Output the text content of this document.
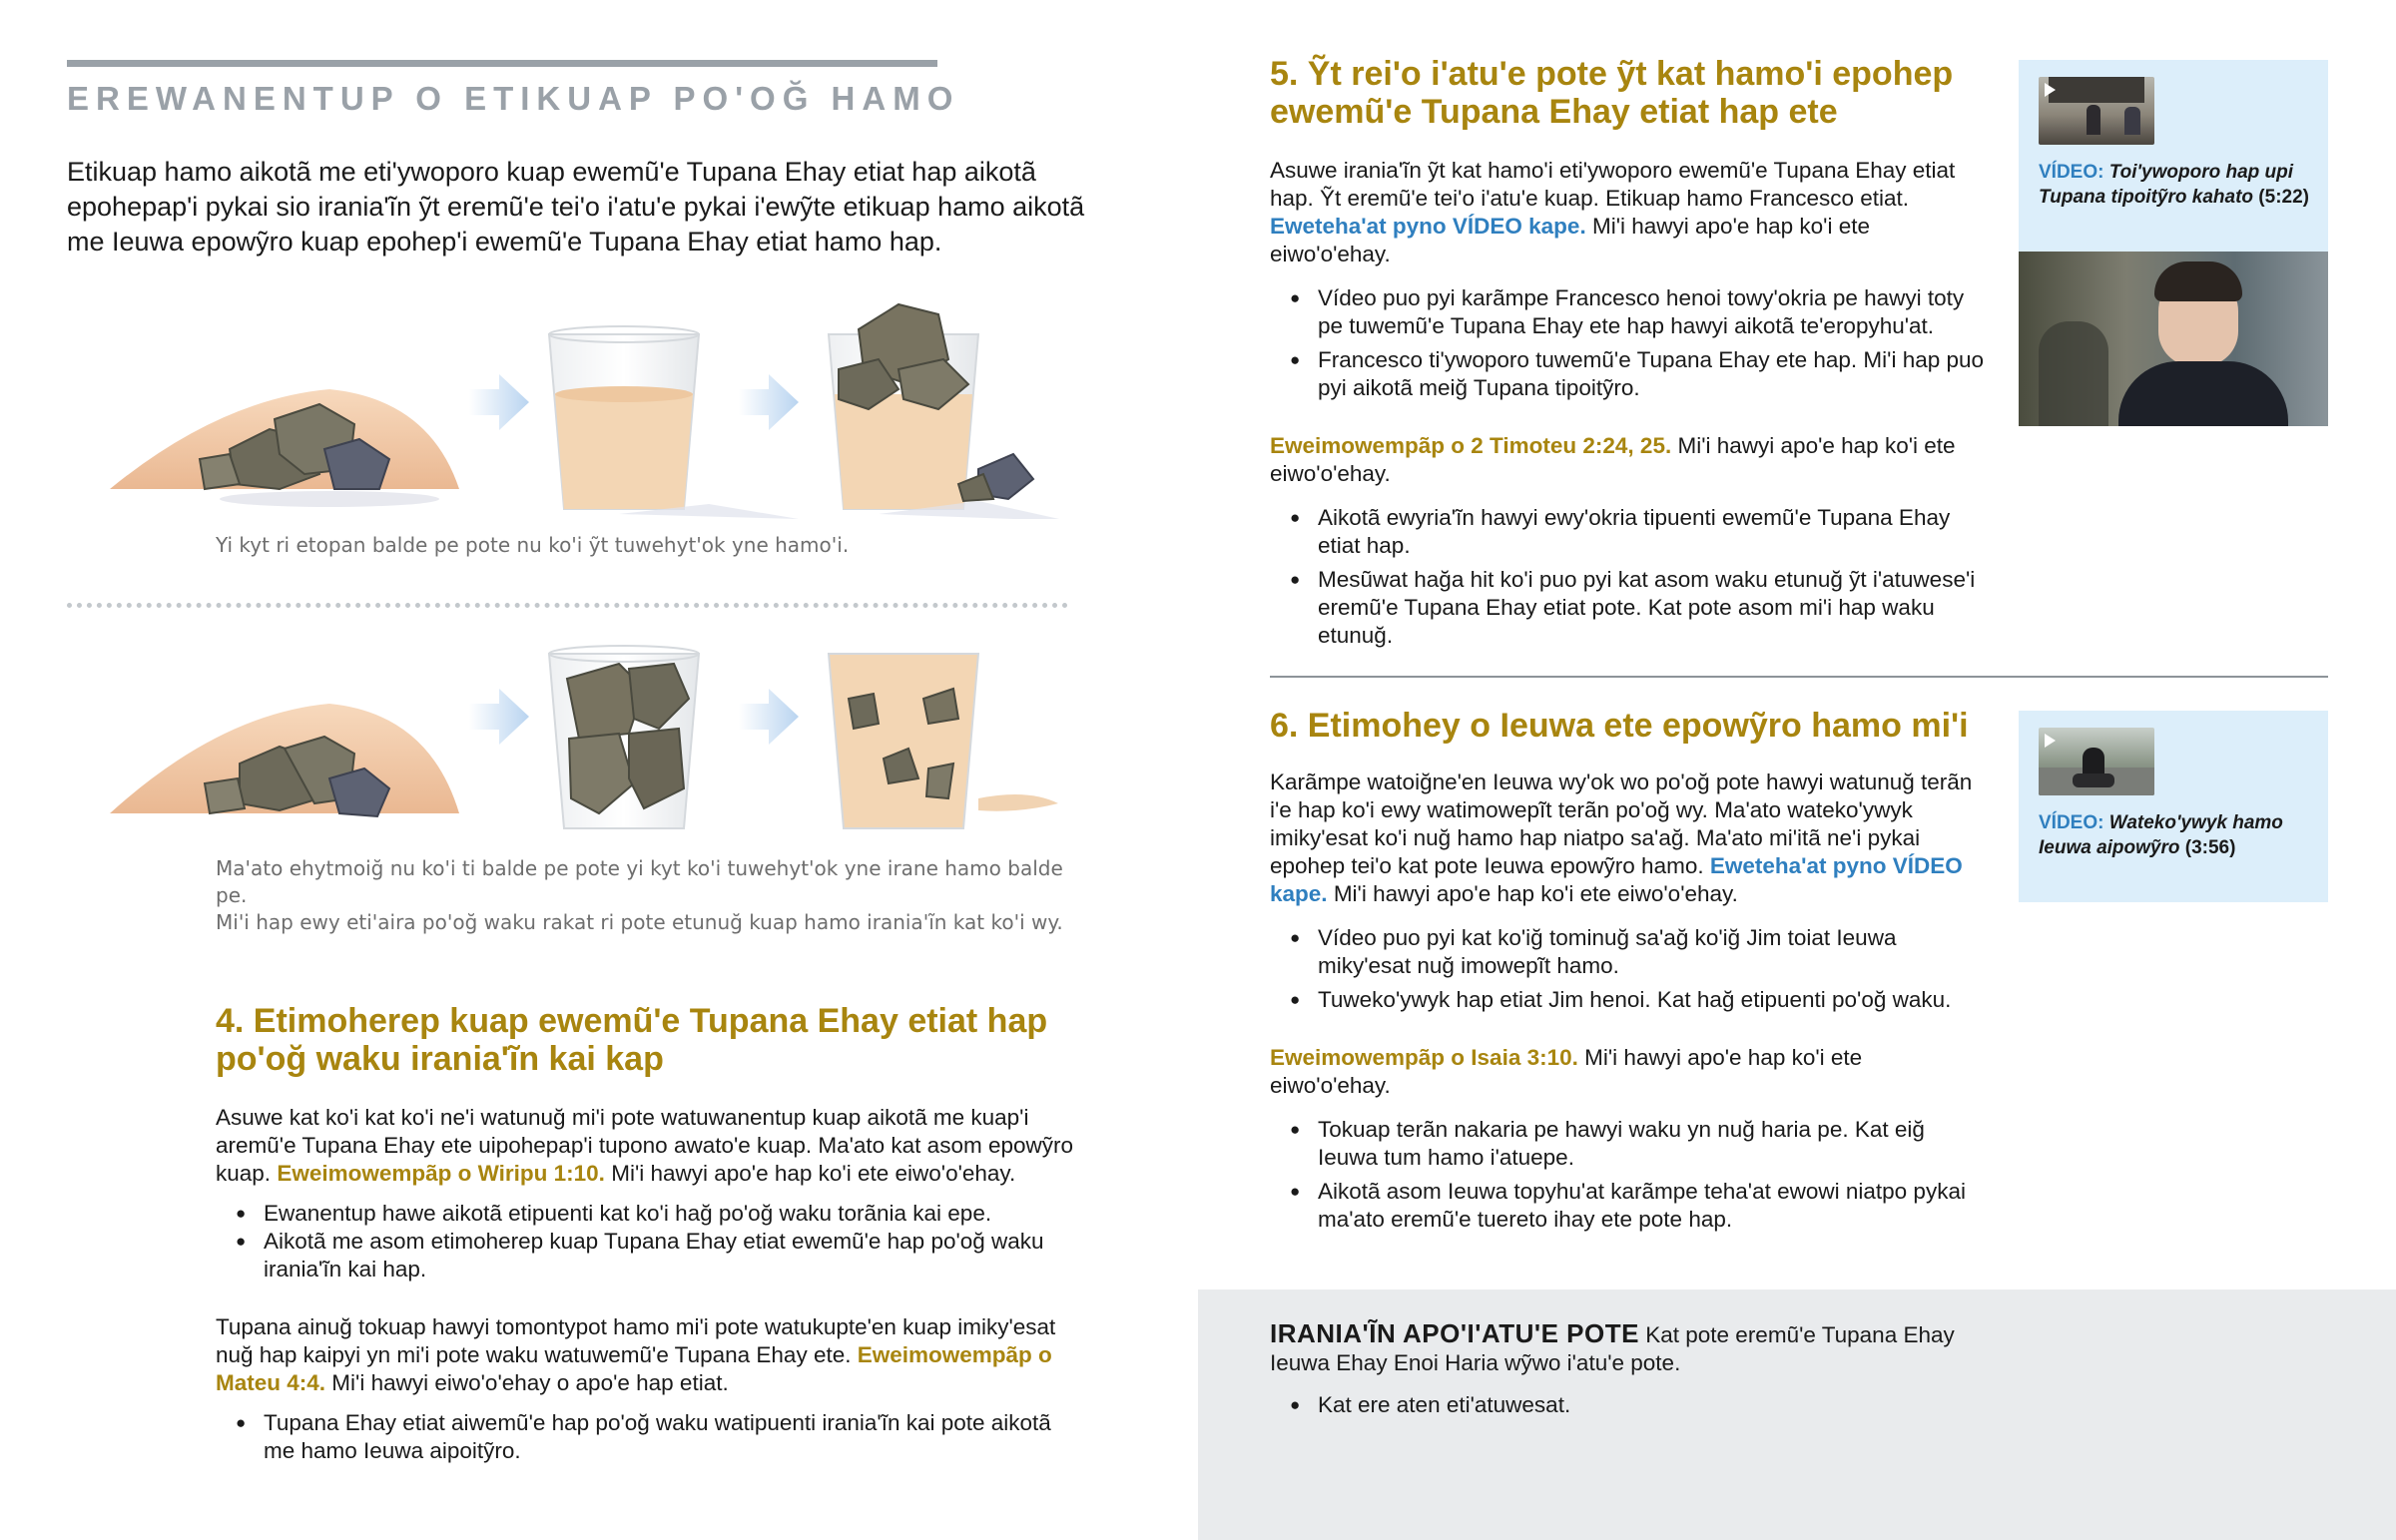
EREWANENTUP O ETIKUAP PO'OĞ HAMO

Etikuap hamo aikotã me eti'ywoporo kuap ewemũ'e Tupana Ehay etiat hap aikotã epohepap'i pykai sio irania'ĩn ỹt eremũ'e tei'o i'atu'e pykai i'ewỹte etikuap hamo aikotã me Ieuwa epowỹro kuap epohep'i ewemũ'e Tupana Ehay etiat hamo hap.

Yi kyt ri etopan balde pe pote nu ko'i ỹt tuwehyt'ok yne hamo'i.

Ma'ato ehytmoiğ nu ko'i ti balde pe pote yi kyt ko'i tuwehyt'ok yne irane hamo balde pe.
Mi'i hap ewy eti'aira po'oğ waku rakat ri pote etunuğ kuap hamo irania'ĩn kat ko'i wy.

4. Etimoherep kuap ewemũ'e Tupana Ehay etiat hap po'oğ waku irania'ĩn kai kap

Asuwe kat ko'i kat ko'i ne'i watunuğ mi'i pote watuwanentup kuap aikotã me kuap'i aremũ'e Tupana Ehay ete uipohepap'i tupono awato'e kuap. Ma'ato kat asom epowỹro kuap. Eweimowempãp o Wiripu 1:10. Mi'i hawyi apo'e hap ko'i ete eiwo'o'ehay.

● Ewanentup hawe aikotã etipuenti kat ko'i hağ po'oğ waku torãnia kai epe.
● Aikotã me asom etimoherep kuap Tupana Ehay etiat ewemũ'e hap po'oğ waku irania'ĩn kai hap.

Tupana ainuğ tokuap hawyi tomontypot hamo mi'i pote watukupte'en kuap imiky'esat nuğ hap kaipyi yn mi'i pote waku watuwemũ'e Tupana Ehay ete. Eweimowempãp o Mateu 4:4. Mi'i hawyi eiwo'o'ehay o apo'e hap etiat.

● Tupana Ehay etiat aiwemũ'e hap po'oğ waku watipuenti irania'ĩn kai pote aikotã me hamo Ieuwa aipoitỹro.
5. Ỹt rei'o i'atu'e pote ỹt kat hamo'i epohep ewemũ'e Tupana Ehay etiat hap ete

Asuwe irania'ĩn ỹt kat hamo'i eti'ywoporo ewemũ'e Tupana Ehay etiat hap. Ỹt eremũ'e tei'o i'atu'e kuap. Etikuap hamo Francesco etiat. Eweteha'at pyno VÍDEO kape. Mi'i hawyi apo'e hap ko'i ete eiwo'o'ehay.

● Vídeo puo pyi karãmpe Francesco henoi towy'okria pe hawyi toty pe tuwemũ'e Tupana Ehay ete hap hawyi aikotã te'eropyhu'at.
● Francesco ti'ywoporo tuwemũ'e Tupana Ehay ete hap. Mi'i hap puo pyi aikotã meiğ Tupana tipoitỹro.

Eweimowempãp o 2 Timoteu 2:24, 25. Mi'i hawyi apo'e hap ko'i ete eiwo'o'ehay.

● Aikotã ewyria'ĩn hawyi ewy'okria tipuenti ewemũ'e Tupana Ehay etiat hap.
● Mesũwat hağa hit ko'i puo pyi kat asom waku etunuğ ỹt i'atuwese'i eremũ'e Tupana Ehay etiat pote. Kat pote asom mi'i hap waku etunuğ.
VÍDEO: Toi'ywoporo hap upi Tupana tipoitỹro kahato (5:22)
6. Etimohey o Ieuwa ete epowỹro hamo mi'i

Karãmpe watoiğne'en Ieuwa wy'ok wo po'oğ pote hawyi watunuğ terãn i'e hap ko'i ewy watimowepĩt terãn po'oğ wy. Ma'ato wateko'ywyk imiky'esat ko'i nuğ hamo hap niatpo sa'ağ. Ma'ato mi'itã ne'i pykai epohep tei'o kat pote Ieuwa epowỹro hamo. Eweteha'at pyno VÍDEO kape. Mi'i hawyi apo'e hap ko'i ete eiwo'o'ehay.

● Vídeo puo pyi kat ko'iğ tominuğ sa'ağ ko'iğ Jim toiat Ieuwa miky'esat nuğ imowepĩt hamo.
● Tuweko'ywyk hap etiat Jim henoi. Kat hağ etipuenti po'oğ waku.

Eweimowempãp o Isaia 3:10. Mi'i hawyi apo'e hap ko'i ete eiwo'o'ehay.

● Tokuap terãn nakaria pe hawyi waku yn nuğ haria pe. Kat eiğ Ieuwa tum hamo i'atuepe.
● Aikotã asom Ieuwa topyhu'at karãmpe teha'at ewowi niatpo pykai ma'ato eremũ'e tuereto ihay ete pote hap.
VÍDEO: Wateko'ywyk hamo Ieuwa aipowỹro (3:56)

IRANIA'ĨN APO'I'ATU'E POTE Kat pote eremũ'e Tupana Ehay Ieuwa Ehay Enoi Haria wỹwo i'atu'e pote.

● Kat ere aten eti'atuwesat.
